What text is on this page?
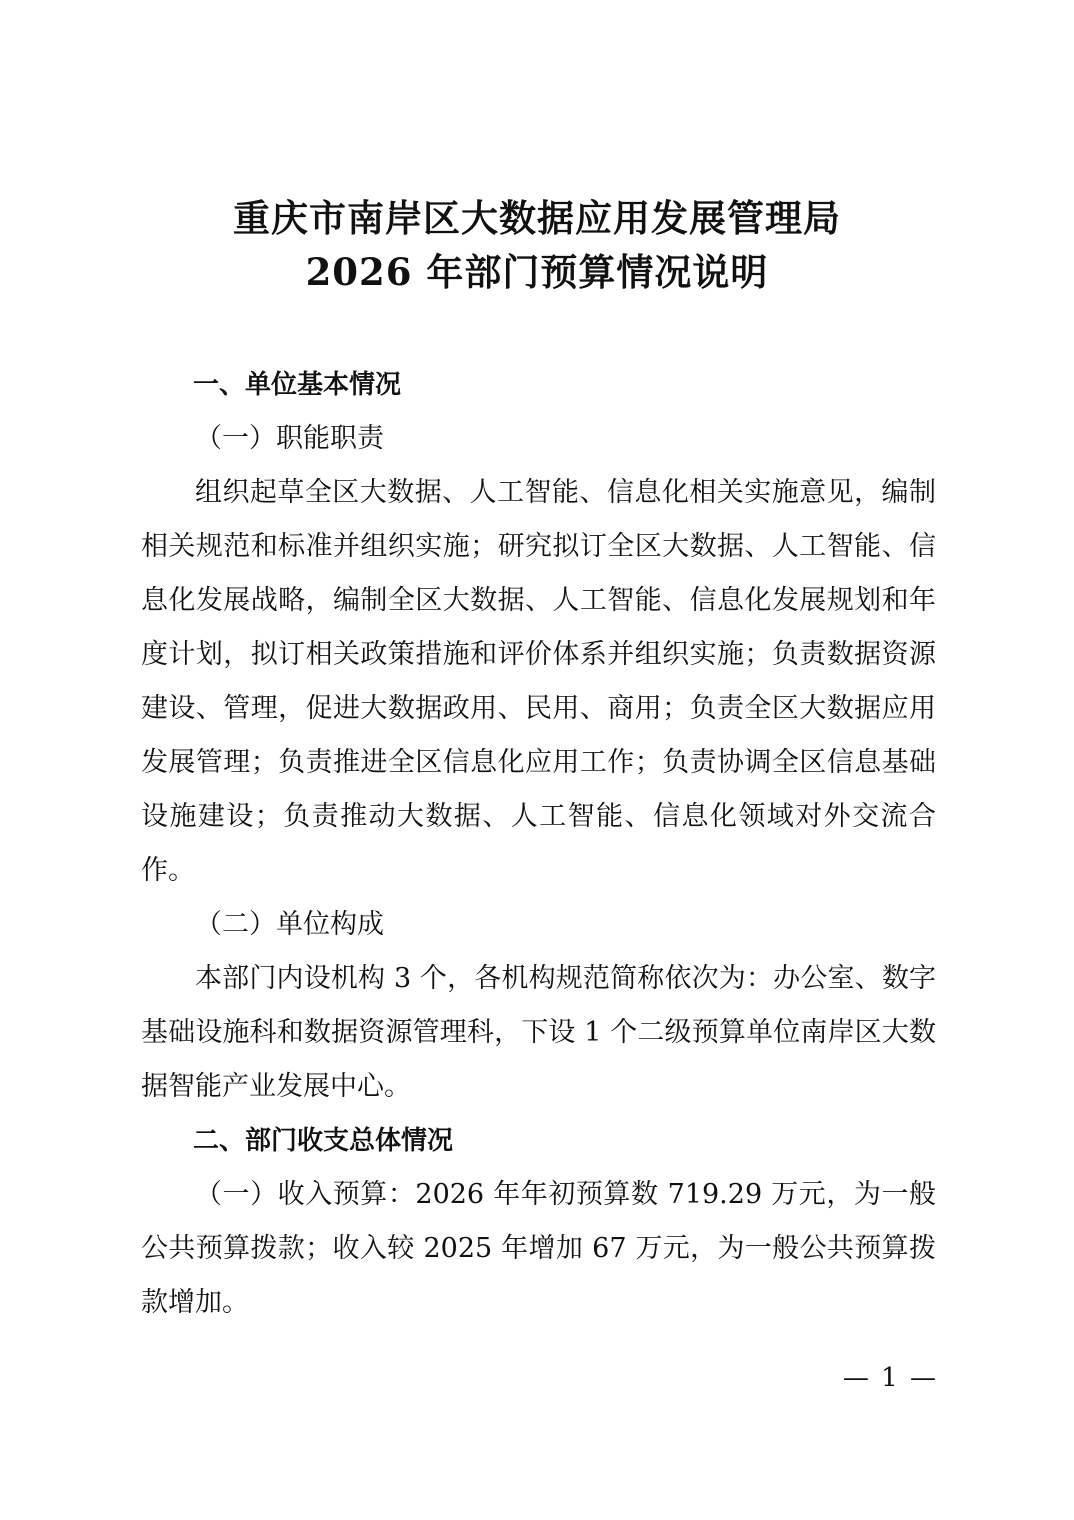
重庆市南岸区大数据应用发展管理局
2026 年部门预算情况说明

一、单位基本情况

（一）职能职责

组织起草全区大数据、人工智能、信息化相关实施意见，编制相关规范和标准并组织实施；研究拟订全区大数据、人工智能、信息化发展战略，编制全区大数据、人工智能、信息化发展规划和年度计划，拟订相关政策措施和评价体系并组织实施；负责数据资源建设、管理，促进大数据政用、民用、商用；负责全区大数据应用发展管理；负责推进全区信息化应用工作；负责协调全区信息基础设施建设；负责推动大数据、人工智能、信息化领域对外交流合作。

（二）单位构成

本部门内设机构 3 个，各机构规范简称依次为：办公室、数字基础设施科和数据资源管理科，下设 1 个二级预算单位南岸区大数据智能产业发展中心。

二、部门收支总体情况

（一）收入预算：2026 年年初预算数 719.29 万元，为一般公共预算拨款；收入较 2025 年增加 67 万元，为一般公共预算拨款增加。

— 1 —
